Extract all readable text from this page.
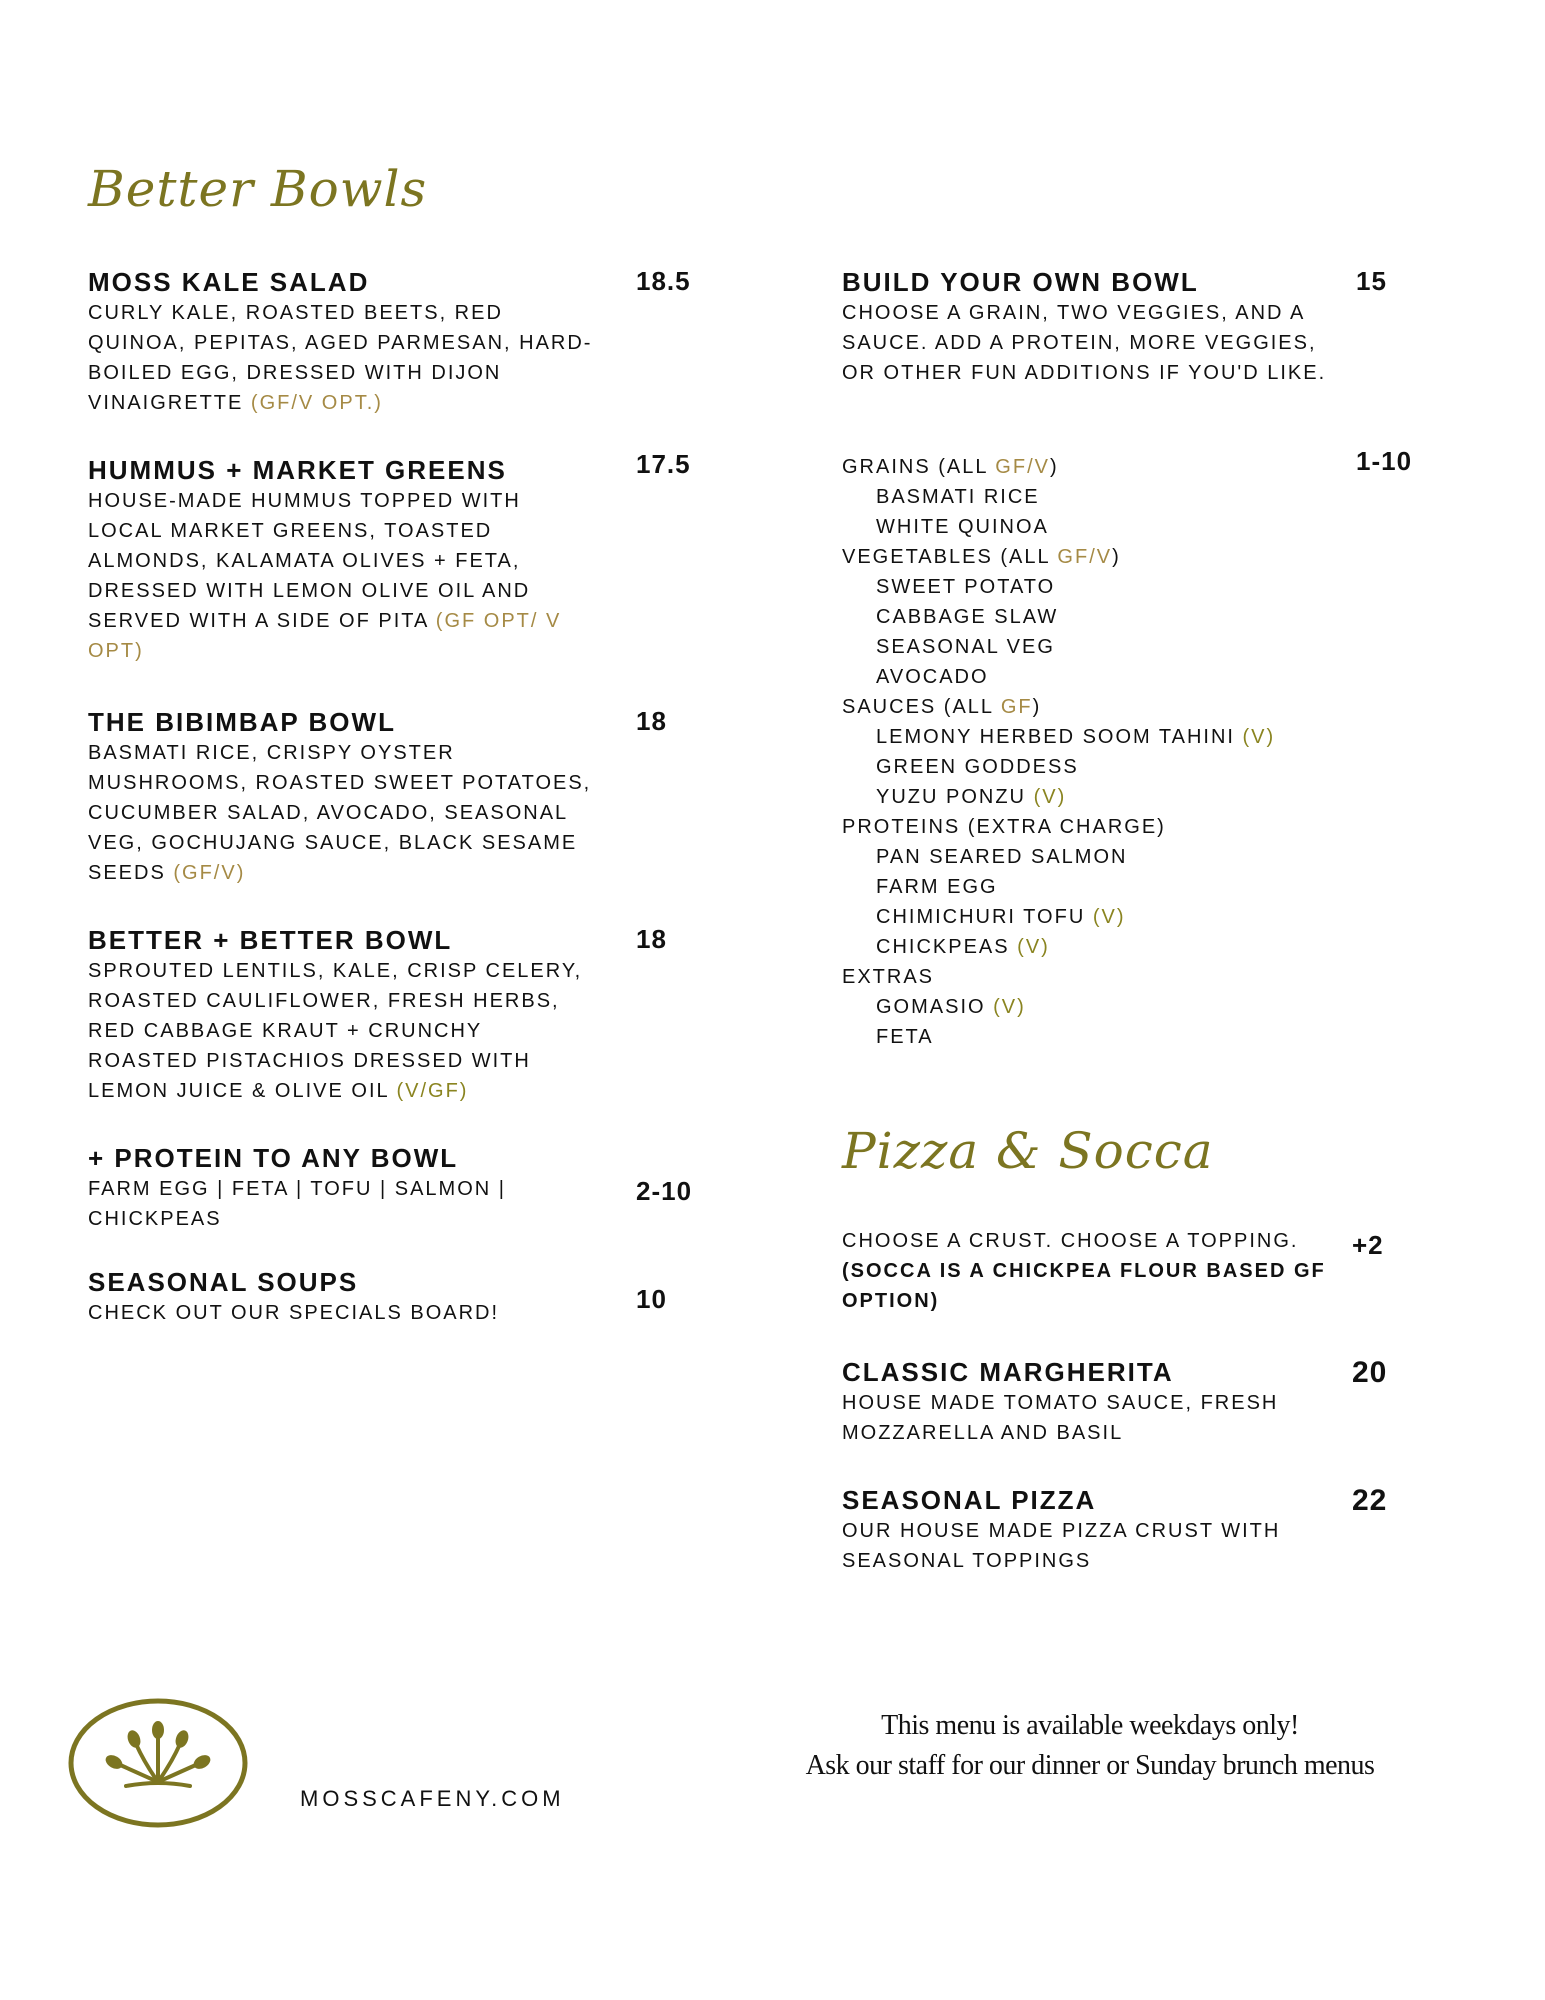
Better Bowls
Pizza & Socca
MOSS KALE SALAD
CURLY KALE, ROASTED BEETS, RED QUINOA, PEPITAS, AGED PARMESAN, HARD-BOILED EGG, DRESSED WITH DIJON VINAIGRETTE (GF/V OPT.)
18.5
HUMMUS + MARKET GREENS
HOUSE-MADE HUMMUS TOPPED WITH LOCAL MARKET GREENS, TOASTED ALMONDS, KALAMATA OLIVES + FETA, DRESSED WITH LEMON OLIVE OIL AND SERVED WITH A SIDE OF PITA (GF OPT/ V OPT)
17.5
THE BIBIMBAP BOWL
BASMATI RICE, CRISPY OYSTER MUSHROOMS, ROASTED SWEET POTATOES, CUCUMBER SALAD, AVOCADO, SEASONAL VEG, GOCHUJANG SAUCE, BLACK SESAME SEEDS (GF/V)
18
BETTER + BETTER BOWL
SPROUTED LENTILS, KALE, CRISP CELERY, ROASTED CAULIFLOWER, FRESH HERBS, RED CABBAGE KRAUT + CRUNCHY ROASTED PISTACHIOS DRESSED WITH LEMON JUICE & OLIVE OIL (V/GF)
18
+ PROTEIN TO ANY BOWL
FARM EGG | FETA | TOFU | SALMON | CHICKPEAS
2-10
SEASONAL SOUPS
CHECK OUT OUR SPECIALS BOARD!	10
BUILD YOUR OWN BOWL
CHOOSE A GRAIN, TWO VEGGIES, AND A SAUCE. ADD A PROTEIN, MORE VEGGIES, OR OTHER FUN ADDITIONS IF YOU'D LIKE.
15
1-10
GRAINS (ALL GF/V)
BASMATI RICE
WHITE QUINOA
VEGETABLES (ALL GF/V)
SWEET POTATO
CABBAGE SLAW
SEASONAL VEG
AVOCADO
SAUCES (ALL GF)
LEMONY HERBED SOOM TAHINI (V)
GREEN GODDESS
YUZU PONZU (V)
PROTEINS (EXTRA CHARGE)
PAN SEARED SALMON
FARM EGG
CHIMICHURI TOFU (V)
CHICKPEAS (V)
EXTRAS
GOMASIO (V)
FETA
CHOOSE A CRUST. CHOOSE A TOPPING.
(SOCCA IS A CHICKPEA FLOUR BASED GF OPTION)
+2
CLASSIC MARGHERITA
HOUSE MADE TOMATO SAUCE, FRESH MOZZARELLA AND BASIL
20
SEASONAL PIZZA
OUR HOUSE MADE PIZZA CRUST WITH SEASONAL TOPPINGS
22
MOSSCAFENY.COM
This menu is available weekdays only!
Ask our staff for our dinner or Sunday brunch menus
